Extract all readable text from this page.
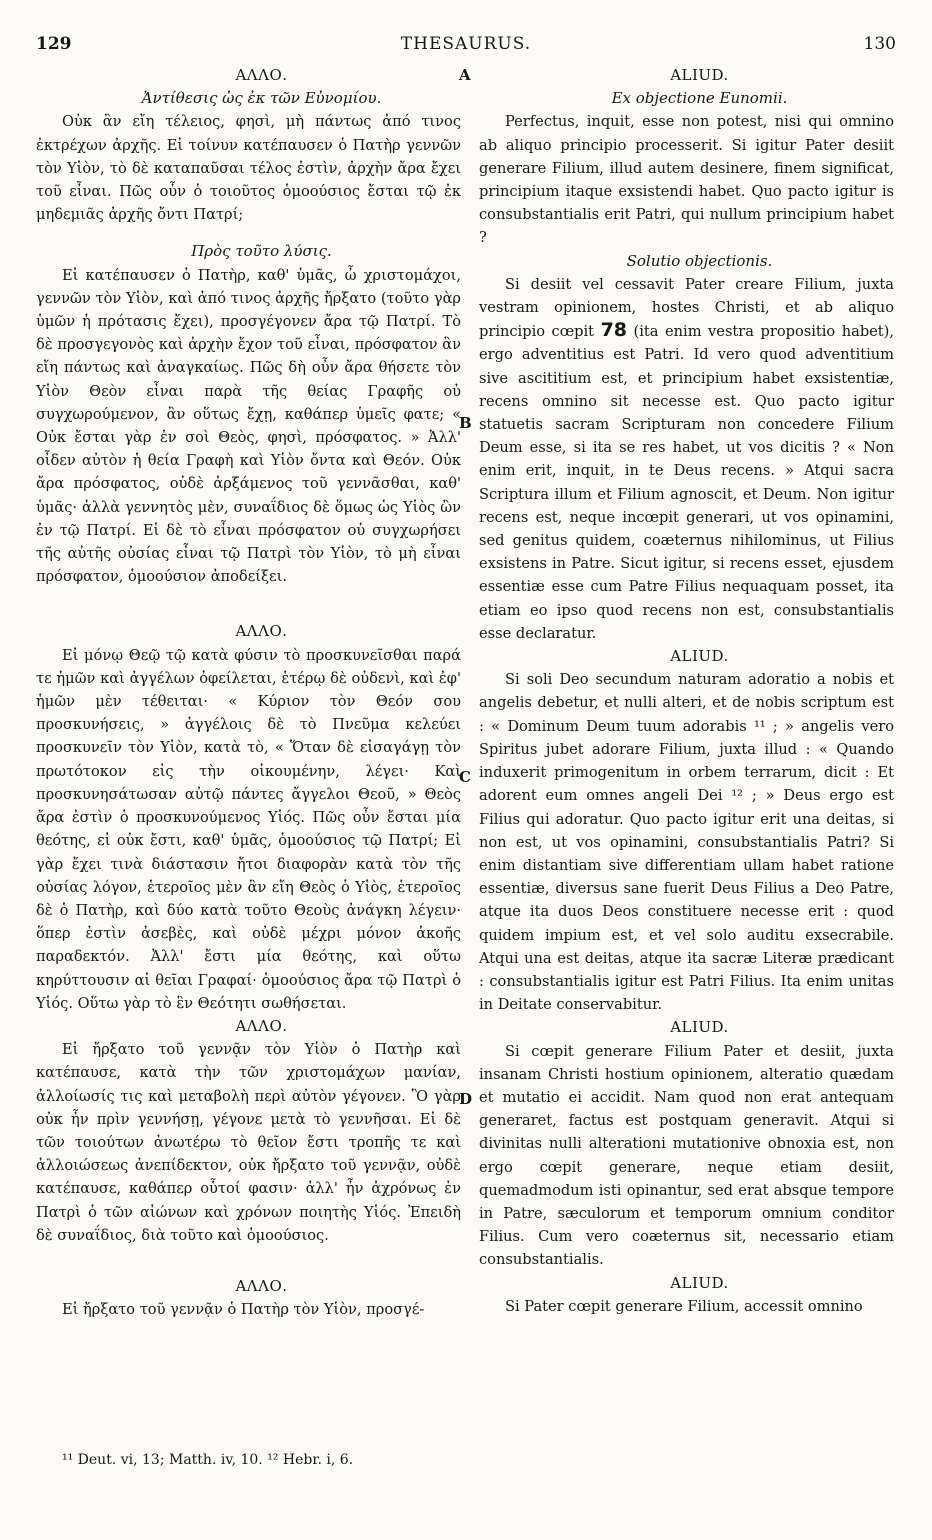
129	THESAURUS.	130
A
B
C
D

ΑΛΛΟ.

Ἀντίθεσις ὡς ἐκ τῶν Εὐνομίου.

Οὐκ ἂν εἴη τέλειος, φησὶ, μὴ πάντως ἀπό τινος ἐκτρέχων ἀρχῆς. Εἰ τοίνυν κατέπαυσεν ὁ Πατὴρ γεννῶν τὸν Υἱὸν, τὸ δὲ καταπαῦσαι τέλος ἐστὶν, ἀρχὴν ἄρα ἔχει τοῦ εἶναι. Πῶς οὖν ὁ τοιοῦτος ὁμοούσιος ἔσται τῷ ἐκ μηδεμιᾶς ἀρχῆς ὄντι Πατρί;

Πρὸς τοῦτο λύσις.

Εἰ κατέπαυσεν ὁ Πατὴρ, καθ' ὑμᾶς, ὦ χριστομάχοι, γεννῶν τὸν Υἱὸν, καὶ ἀπό τινος ἀρχῆς ἤρξατο (τοῦτο γὰρ ὑμῶν ἡ πρότασις ἔχει), προσγέγονεν ἄρα τῷ Πατρί. Τὸ δὲ προσγεγονὸς καὶ ἀρχὴν ἔχον τοῦ εἶναι, πρόσφατον ἂν εἴη πάντως καὶ ἀναγκαίως. Πῶς δὴ οὖν ἄρα θήσετε τὸν Υἱὸν Θεὸν εἶναι παρὰ τῆς θείας Γραφῆς οὐ συγχωρούμενον, ἂν οὕτως ἔχῃ, καθάπερ ὑμεῖς φατε; « Οὐκ ἔσται γὰρ ἐν σοὶ Θεὸς, φησὶ, πρόσφατος. » Ἀλλ' οἶδεν αὐτὸν ἡ θεία Γραφὴ καὶ Υἱὸν ὄντα καὶ Θεόν. Οὐκ ἄρα πρόσφατος, οὐδὲ ἀρξάμενος τοῦ γεννᾶσθαι, καθ' ὑμᾶς· ἀλλὰ γεννητὸς μὲν, συναΐδιος δὲ ὅμως ὡς Υἱὸς ὢν ἐν τῷ Πατρί. Εἰ δὲ τὸ εἶναι πρόσφατον οὐ συγχωρήσει τῆς αὐτῆς οὐσίας εἶναι τῷ Πατρὶ τὸν Υἱὸν, τὸ μὴ εἶναι πρόσφατον, ὁμοούσιον ἀποδείξει.

ΑΛΛΟ.

Εἰ μόνῳ Θεῷ τῷ κατὰ φύσιν τὸ προσκυνεῖσθαι παρά τε ἡμῶν καὶ ἀγγέλων ὀφείλεται, ἑτέρῳ δὲ οὐδενὶ, καὶ ἐφ' ἡμῶν μὲν τέθειται· « Κύριον τὸν Θεόν σου προσκυνήσεις, » ἀγγέλοις δὲ τὸ Πνεῦμα κελεύει προσκυνεῖν τὸν Υἱὸν, κατὰ τὸ, « Ὅταν δὲ εἰσαγάγῃ τὸν πρωτότοκον εἰς τὴν οἰκουμένην, λέγει· Καὶ προσκυνησάτωσαν αὐτῷ πάντες ἄγγελοι Θεοῦ, » Θεὸς ἄρα ἐστὶν ὁ προσκυνούμενος Υἱός. Πῶς οὖν ἔσται μία θεότης, εἰ οὐκ ἔστι, καθ' ὑμᾶς, ὁμοούσιος τῷ Πατρί; Εἰ γὰρ ἔχει τινὰ διάστασιν ἤτοι διαφορὰν κατὰ τὸν τῆς οὐσίας λόγον, ἑτεροῖος μὲν ἂν εἴη Θεὸς ὁ Υἱὸς, ἑτεροῖος δὲ ὁ Πατὴρ, καὶ δύο κατὰ τοῦτο Θεοὺς ἀνάγκη λέγειν· ὅπερ ἐστὶν ἀσεβὲς, καὶ οὐδὲ μέχρι μόνον ἀκοῆς παραδεκτόν. Ἀλλ' ἔστι μία θεότης, καὶ οὕτω κηρύττουσιν αἱ θεῖαι Γραφαί· ὁμοούσιος ἄρα τῷ Πατρὶ ὁ Υἱός. Οὕτω γὰρ τὸ ἓν Θεότητι σωθήσεται.

ΑΛΛΟ.

Εἰ ἤρξατο τοῦ γεννᾷν τὸν Υἱὸν ὁ Πατὴρ καὶ κατέπαυσε, κατὰ τὴν τῶν χριστομάχων μανίαν, ἀλλοίωσίς τις καὶ μεταβολὴ περὶ αὐτὸν γέγονεν. Ὃ γὰρ οὐκ ἦν πρὶν γεννήσῃ, γέγονε μετὰ τὸ γεννῆσαι. Εἰ δὲ τῶν τοιούτων ἀνωτέρω τὸ θεῖον ἔστι τροπῆς τε καὶ ἀλλοιώσεως ἀνεπίδεκτον, οὐκ ἤρξατο τοῦ γεννᾷν, οὐδὲ κατέπαυσε, καθάπερ οὗτοί φασιν· ἀλλ' ἦν ἀχρόνως ἐν Πατρὶ ὁ τῶν αἰώνων καὶ χρόνων ποιητὴς Υἱός. Ἐπειδὴ δὲ συναΐδιος, διὰ τοῦτο καὶ ὁμοούσιος.

ΑΛΛΟ.

Εἰ ἤρξατο τοῦ γεννᾷν ὁ Πατὴρ τὸν Υἱὸν, προσγέ-

ALIUD.

Ex objectione Eunomii.

Perfectus, inquit, esse non potest, nisi qui omnino ab aliquo principio processerit. Si igitur Pater desiit generare Filium, illud autem desinere, finem significat, principium itaque exsistendi habet. Quo pacto igitur is consubstantialis erit Patri, qui nullum principium habet ?

Solutio objectionis.

Si desiit vel cessavit Pater creare Filium, juxta vestram opinionem, hostes Christi, et ab aliquo principio cœpit 78 (ita enim vestra propositio habet), ergo adventitius est Patri. Id vero quod adventitium sive ascititium est, et principium habet exsistentiæ, recens omnino sit necesse est. Quo pacto igitur statuetis sacram Scripturam non concedere Filium Deum esse, si ita se res habet, ut vos dicitis ? « Non enim erit, inquit, in te Deus recens. » Atqui sacra Scriptura illum et Filium agnoscit, et Deum. Non igitur recens est, neque incœpit generari, ut vos opinamini, sed genitus quidem, coæternus nihilominus, ut Filius exsistens in Patre. Sicut igitur, si recens esset, ejusdem essentiæ esse cum Patre Filius nequaquam posset, ita etiam eo ipso quod recens non est, consubstantialis esse declaratur.

ALIUD.

Si soli Deo secundum naturam adoratio a nobis et angelis debetur, et nulli alteri, et de nobis scriptum est : « Dominum Deum tuum adorabis ¹¹ ; » angelis vero Spiritus jubet adorare Filium, juxta illud : « Quando induxerit primogenitum in orbem terrarum, dicit : Et adorent eum omnes angeli Dei ¹² ; » Deus ergo est Filius qui adoratur. Quo pacto igitur erit una deitas, si non est, ut vos opinamini, consubstantialis Patri? Si enim distantiam sive differentiam ullam habet ratione essentiæ, diversus sane fuerit Deus Filius a Deo Patre, atque ita duos Deos constituere necesse erit : quod quidem impium est, et vel solo auditu exsecrabile. Atqui una est deitas, atque ita sacræ Literæ prædicant : consubstantialis igitur est Patri Filius. Ita enim unitas in Deitate conservabitur.

ALIUD.

Si cœpit generare Filium Pater et desiit, juxta insanam Christi hostium opinionem, alteratio quædam et mutatio ei accidit. Nam quod non erat antequam generaret, factus est postquam generavit. Atqui si divinitas nulli alterationi mutationive obnoxia est, non ergo cœpit generare, neque etiam desiit, quemadmodum isti opinantur, sed erat absque tempore in Patre, sæculorum et temporum omnium conditor Filius. Cum vero coæternus sit, necessario etiam consubstantialis.

ALIUD.

Si Pater cœpit generare Filium, accessit omnino

¹¹ Deut. vi, 13; Matth. iv, 10. ¹² Hebr. i, 6.
